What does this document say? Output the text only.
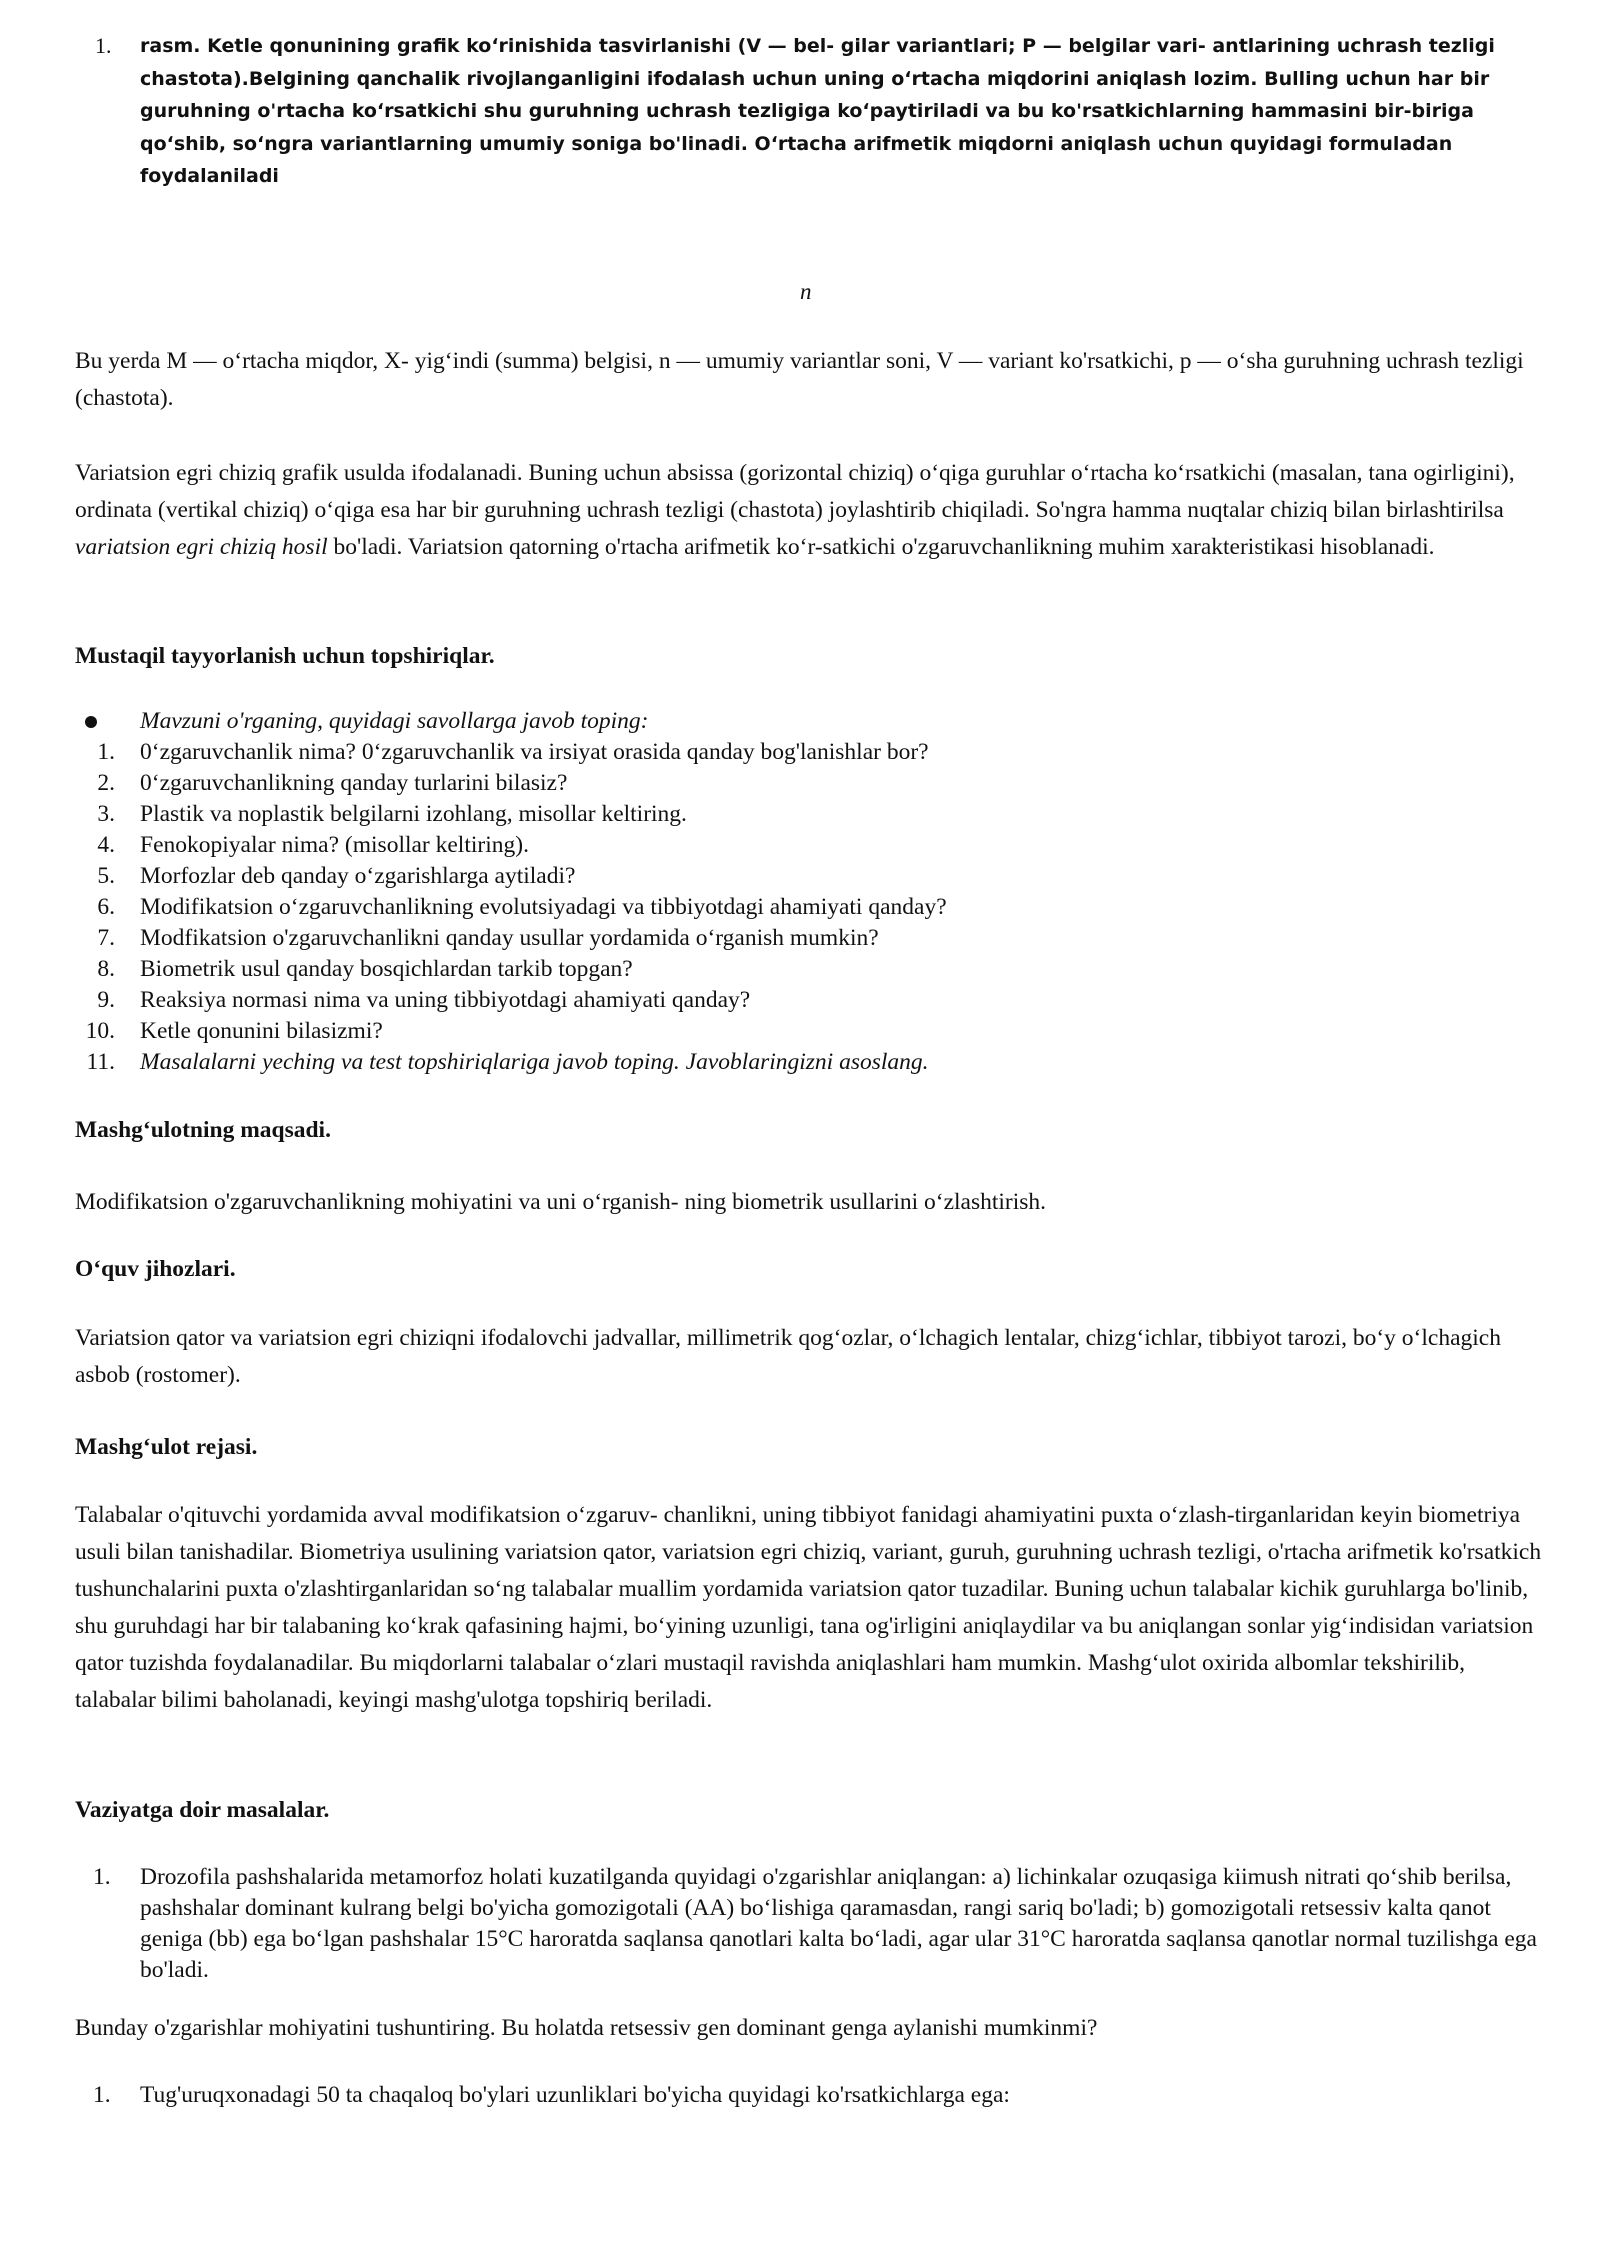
1. rasm. Ketle qonunining grafik koʻrinishida tasvirlanishi (V — bel- gilar variantlari; P — belgilar vari- antlarining uchrash tezligi chastota).Belgining qanchalik rivojlanganligini ifodalash uchun uning oʻrtacha miqdorini aniqlash lozim. Bulling uchun har bir guruhning o'rtacha koʻrsatkichi shu guruhning uchrash tezligiga koʻpaytiriladi va bu ko'rsatkichlarning hammasini bir-biriga qoʻshib, soʻngra variantlarning umumiy soniga bo'linadi. Oʻrtacha arifmetik miqdorni aniqlash uchun quyidagi formuladan foydalaniladi
n
Bu yerda M — o‘rtacha miqdor, X- yig‘indi (summa) belgisi, n — umumiy variantlar soni, V — variant ko'rsatkichi, p — o‘sha guruhning uchrash tezligi (chastota).
Variatsion egri chiziq grafik usulda ifodalanadi. Buning uchun absissa (gorizontal chiziq) o‘qiga guruhlar o‘rtacha ko‘rsatkichi (masalan, tana ogirligini), ordinata (vertikal chiziq) o‘qiga esa har bir guruhning uchrash tezligi (chastota) joylashtirib chiqiladi. So'ngra hamma nuqtalar chiziq bilan birlashtirilsa variatsion egri chiziq hosil bo'ladi. Variatsion qatorning o'rtacha arifmetik ko‘r-satkichi o'zgaruvchanlikning muhim xarakteristikasi hisoblanadi.
Mustaqil tayyorlanish uchun topshiriqlar.
Mavzuni o'rganing, quyidagi savollarga javob toping:
1. 0‘zgaruvchanlik nima? 0‘zgaruvchanlik va irsiyat orasida qanday bog'lanishlar bor?
2. 0‘zgaruvchanlikning qanday turlarini bilasiz?
3. Plastik va noplastik belgilarni izohlang, misollar keltiring.
4. Fenokopiyalar nima? (misollar keltiring).
5. Morfozlar deb qanday o‘zgarishlarga aytiladi?
6. Modifikatsion o‘zgaruvchanlikning evolutsiyadagi va tibbiyotdagi ahamiyati qanday?
7. Modfikatsion o'zgaruvchanlikni qanday usullar yordamida o‘rganish mumkin?
8. Biometrik usul qanday bosqichlardan tarkib topgan?
9. Reaksiya normasi nima va uning tibbiyotdagi ahamiyati qanday?
10. Ketle qonunini bilasizmi?
11. Masalalarni yeching va test topshiriqlariga javob toping. Javoblaringizni asoslang.
Mashg‘ulotning maqsadi.
Modifikatsion o'zgaruvchanlikning mohiyatini va uni o‘rganish- ning biometrik usullarini o‘zlashtirish.
O‘quv jihozlari.
Variatsion qator va variatsion egri chiziqni ifodalovchi jadvallar, millimetrik qog‘ozlar, o‘lchagich lentalar, chizg‘ichlar, tibbiyot tarozi, bo‘y o‘lchagich asbob (rostomer).
Mashg‘ulot rejasi.
Talabalar o'qituvchi yordamida avval modifikatsion o‘zgaruv- chanlikni, uning tibbiyot fanidagi ahamiyatini puxta o‘zlash-tirganlaridan keyin biometriya usuli bilan tanishadilar. Biometriya usulining variatsion qator, variatsion egri chiziq, variant, guruh, guruhning uchrash tezligi, o'rtacha arifmetik ko'rsatkich tushunchalarini puxta o'zlashtirganlaridan so‘ng talabalar muallim yordamida variatsion qator tuzadilar. Buning uchun talabalar kichik guruhlarga bo'linib, shu guruhdagi har bir talabaning ko‘krak qafasining hajmi, bo‘yining uzunligi, tana og'irligini aniqlaydilar va bu aniqlangan sonlar yig‘indisidan variatsion qator tuzishda foydalanadilar. Bu miqdorlarni talabalar o‘zlari mustaqil ravishda aniqlashlari ham mumkin. Mashg‘ulot oxirida albomlar tekshirilib, talabalar bilimi baholanadi, keyingi mashg'ulotga topshiriq beriladi.
Vaziyatga doir masalalar.
1. Drozofila pashshalarida metamorfoz holati kuzatilganda quyidagi o'zgarishlar aniqlangan: a) lichinkalar ozuqasiga kiimush nitrati qo‘shib berilsa, pashshalar dominant kulrang belgi bo'yicha gomozigotali (AA) bo‘lishiga qaramasdan, rangi sariq bo'ladi; b) gomozigotali retsessiv kalta qanot geniga (bb) ega bo‘lgan pashshalar 15°C haroratda saqlansa qanotlari kalta bo‘ladi, agar ular 31°C haroratda saqlansa qanotlar normal tuzilishga ega bo'ladi.
Bunday o'zgarishlar mohiyatini tushuntiring. Bu holatda retsessiv gen dominant genga aylanishi mumkinmi?
1. Tug'uruqxonadagi 50 ta chaqaloq bo'ylari uzunliklari bo'yicha quyidagi ko'rsatkichlarga ega:
